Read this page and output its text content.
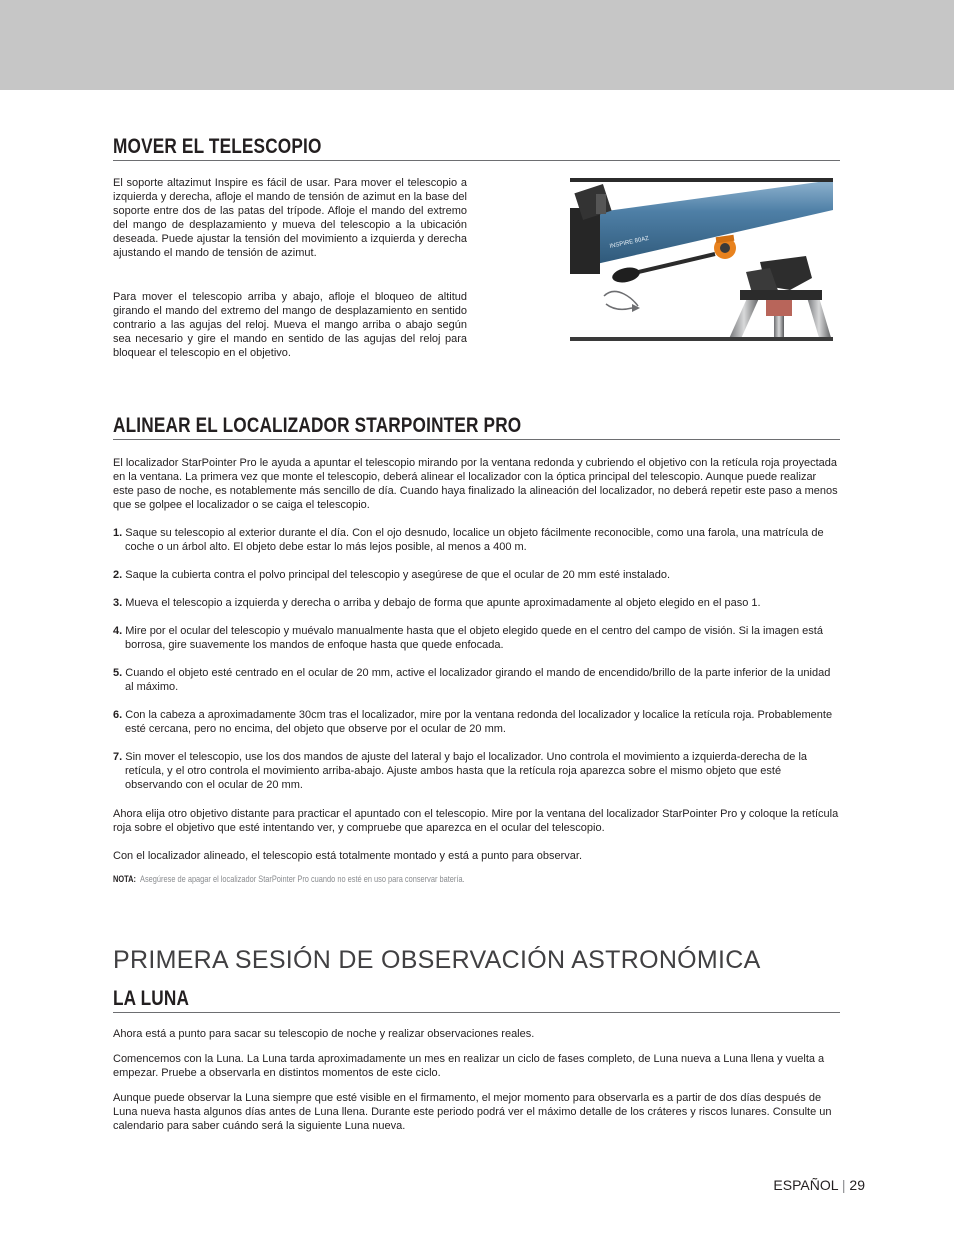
MOVER EL TELESCOPIO

El soporte altazimut Inspire es fácil de usar. Para mover el telescopio a izquierda y derecha, afloje el mando de tensión de azimut en la base del soporte entre dos de las patas del trípode. Afloje el mando del extremo del mango de desplazamiento y mueva del telescopio a la ubicación deseada. Puede ajustar la tensión del movimiento a izquierda y derecha ajustando el mando de tensión de azimut.

Para mover el telescopio arriba y abajo, afloje el bloqueo de altitud girando el mando del extremo del mango de desplazamiento en sentido contrario a las agujas del reloj. Mueva el mango arriba o abajo según sea necesario y gire el mando en sentido de las agujas del reloj para bloquear el telescopio en el objetivo.

INSPIRE 80AZ
ALINEAR EL LOCALIZADOR STARPOINTER PRO

El localizador StarPointer Pro le ayuda a apuntar el telescopio mirando por la ventana redonda y cubriendo el objetivo con la retícula roja proyectada en la ventana. La primera vez que monte el telescopio, deberá alinear el localizador con la óptica principal del telescopio. Aunque puede realizar este paso de noche, es notablemente más sencillo de día. Cuando haya finalizado la alineación del localizador, no deberá repetir este paso a menos que se golpee el localizador o se caiga el telescopio.

1. Saque su telescopio al exterior durante el día. Con el ojo desnudo, localice un objeto fácilmente reconocible, como una farola, una matrícula de coche o un árbol alto. El objeto debe estar lo más lejos posible, al menos a 400 m.
2. Saque la cubierta contra el polvo principal del telescopio y asegúrese de que el ocular de 20 mm esté instalado.
3. Mueva el telescopio a izquierda y derecha o arriba y debajo de forma que apunte aproximadamente al objeto elegido en el paso 1.
4. Mire por el ocular del telescopio y muévalo manualmente hasta que el objeto elegido quede en el centro del campo de visión. Si la imagen está borrosa, gire suavemente los mandos de enfoque hasta que quede enfocada.
5. Cuando el objeto esté centrado en el ocular de 20 mm, active el localizador girando el mando de encendido/brillo de la parte inferior de la unidad al máximo.
6. Con la cabeza a aproximadamente 30cm tras el localizador, mire por la ventana redonda del localizador y localice la retícula roja. Probablemente esté cercana, pero no encima, del objeto que observe por el ocular de 20 mm.
7. Sin mover el telescopio, use los dos mandos de ajuste del lateral y bajo el localizador. Uno controla el movimiento a izquierda-derecha de la retícula, y el otro controla el movimiento arriba-abajo. Ajuste ambos hasta que la retícula roja aparezca sobre el mismo objeto que esté observando con el ocular de 20 mm.

Ahora elija otro objetivo distante para practicar el apuntado con el telescopio. Mire por la ventana del localizador StarPointer Pro y coloque la retícula roja sobre el objetivo que esté intentando ver, y compruebe que aparezca en el ocular del telescopio.

Con el localizador alineado, el telescopio está totalmente montado y está a punto para observar.

NOTA: Asegúrese de apagar el localizador StarPointer Pro cuando no esté en uso para conservar batería.
PRIMERA SESIÓN DE OBSERVACIÓN ASTRONÓMICA
LA LUNA

Ahora está a punto para sacar su telescopio de noche y realizar observaciones reales.

Comencemos con la Luna. La Luna tarda aproximadamente un mes en realizar un ciclo de fases completo, de Luna nueva a Luna llena y vuelta a empezar. Pruebe a observarla en distintos momentos de este ciclo.

Aunque puede observar la Luna siempre que esté visible en el firmamento, el mejor momento para observarla es a partir de dos días después de Luna nueva hasta algunos días antes de Luna llena. Durante este periodo podrá ver el máximo detalle de los cráteres y riscos lunares. Consulte un calendario para saber cuándo será la siguiente Luna nueva.

ESPAÑOL | 29
